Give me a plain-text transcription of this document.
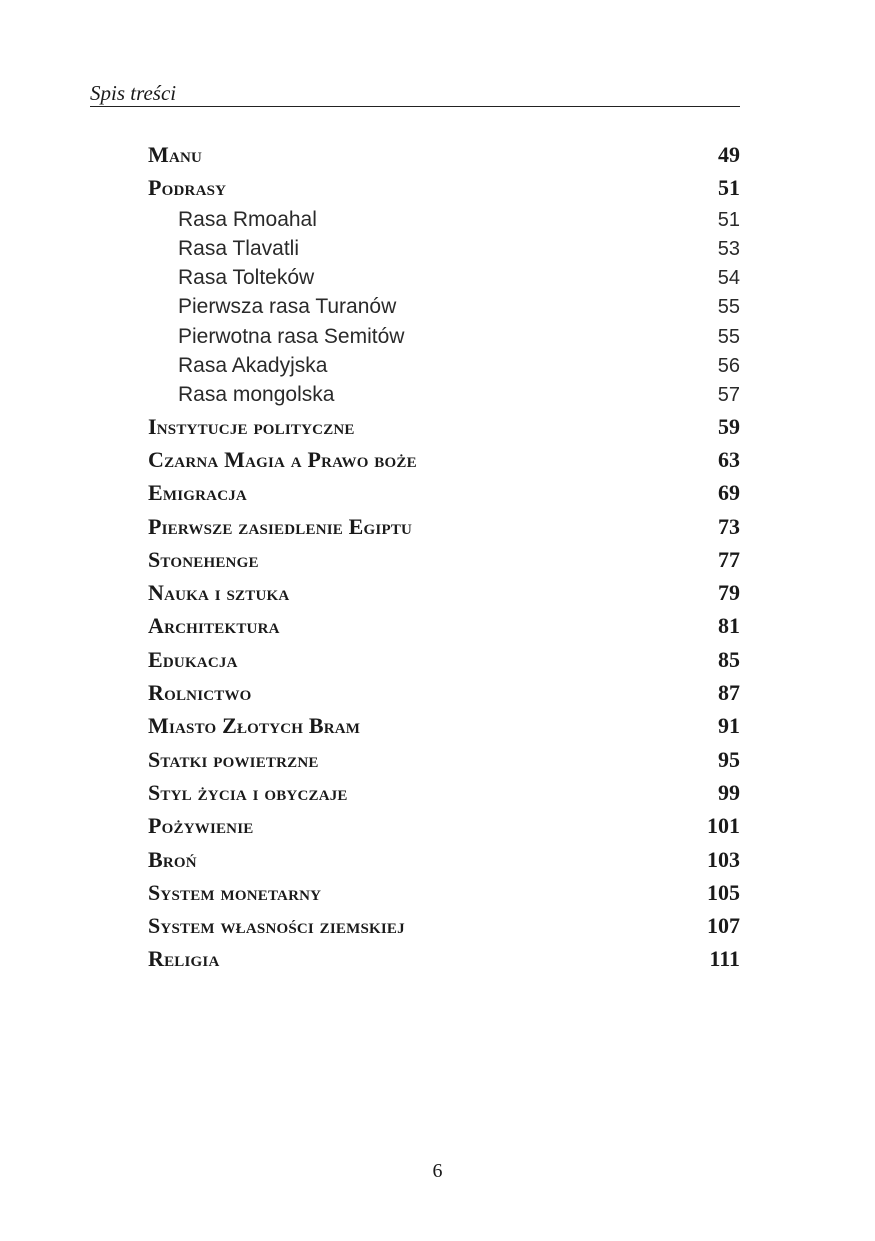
Spis treści
Manu	49
Podrasy	51
Rasa Rmoahal	51
Rasa Tlavatli	53
Rasa Tolteków	54
Pierwsza rasa Turanów	55
Pierwotna rasa Semitów	55
Rasa Akadyjska	56
Rasa mongolska	57
Instytucje polityczne	59
Czarna Magia a Prawo boże	63
Emigracja	69
Pierwsze zasiedlenie Egiptu	73
Stonehenge	77
Nauka i sztuka	79
Architektura	81
Edukacja	85
Rolnictwo	87
Miasto Złotych Bram	91
Statki powietrzne	95
Styl życia i obyczaje	99
Pożywienie	101
Broń	103
System monetarny	105
System własności ziemskiej	107
Religia	111
6
